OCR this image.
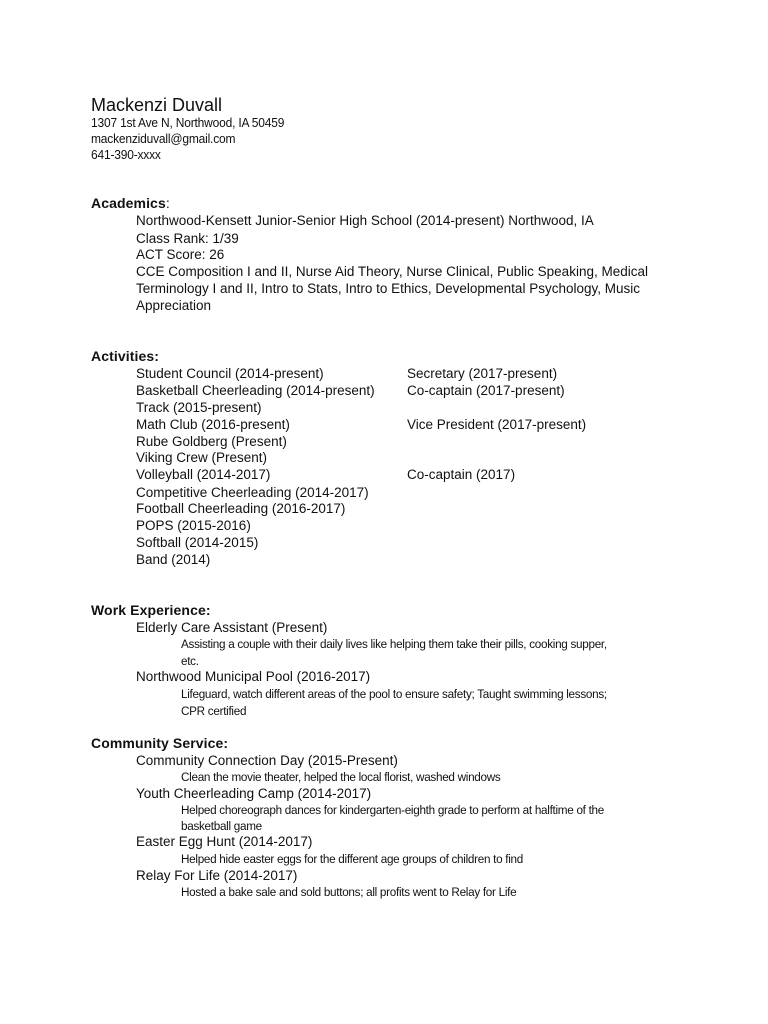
Mackenzi Duvall
1307 1st Ave N, Northwood, IA 50459
mackenziduvall@gmail.com
641-390-xxxx
Academics:
Northwood-Kensett Junior-Senior High School (2014-present) Northwood, IA
Class Rank: 1/39
ACT Score: 26
CCE Composition I and II, Nurse Aid Theory, Nurse Clinical, Public Speaking, Medical
Terminology I and II, Intro to Stats, Intro to Ethics, Developmental Psychology, Music
Appreciation
Activities:
Student Council (2014-present)	Secretary (2017-present)
Basketball Cheerleading (2014-present) Co-captain (2017-present)
Track (2015-present)
Math Club (2016-present)	Vice President (2017-present)
Rube Goldberg (Present)
Viking Crew (Present)
Volleyball (2014-2017)	Co-captain (2017)
Competitive Cheerleading (2014-2017)
Football Cheerleading (2016-2017)
POPS (2015-2016)
Softball (2014-2015)
Band (2014)
Work Experience:
Elderly Care Assistant (Present)
Assisting a couple with their daily lives like helping them take their pills, cooking supper,
etc.
Northwood Municipal Pool (2016-2017)
Lifeguard, watch different areas of the pool to ensure safety; Taught swimming lessons;
CPR certified
Community Service:
Community Connection Day (2015-Present)
Clean the movie theater, helped the local florist, washed windows
Youth Cheerleading Camp (2014-2017)
Helped choreograph dances for kindergarten-eighth grade to perform at halftime of the
basketball game
Easter Egg Hunt (2014-2017)
Helped hide easter eggs for the different age groups of children to find
Relay For Life (2014-2017)
Hosted a bake sale and sold buttons; all profits went to Relay for Life
